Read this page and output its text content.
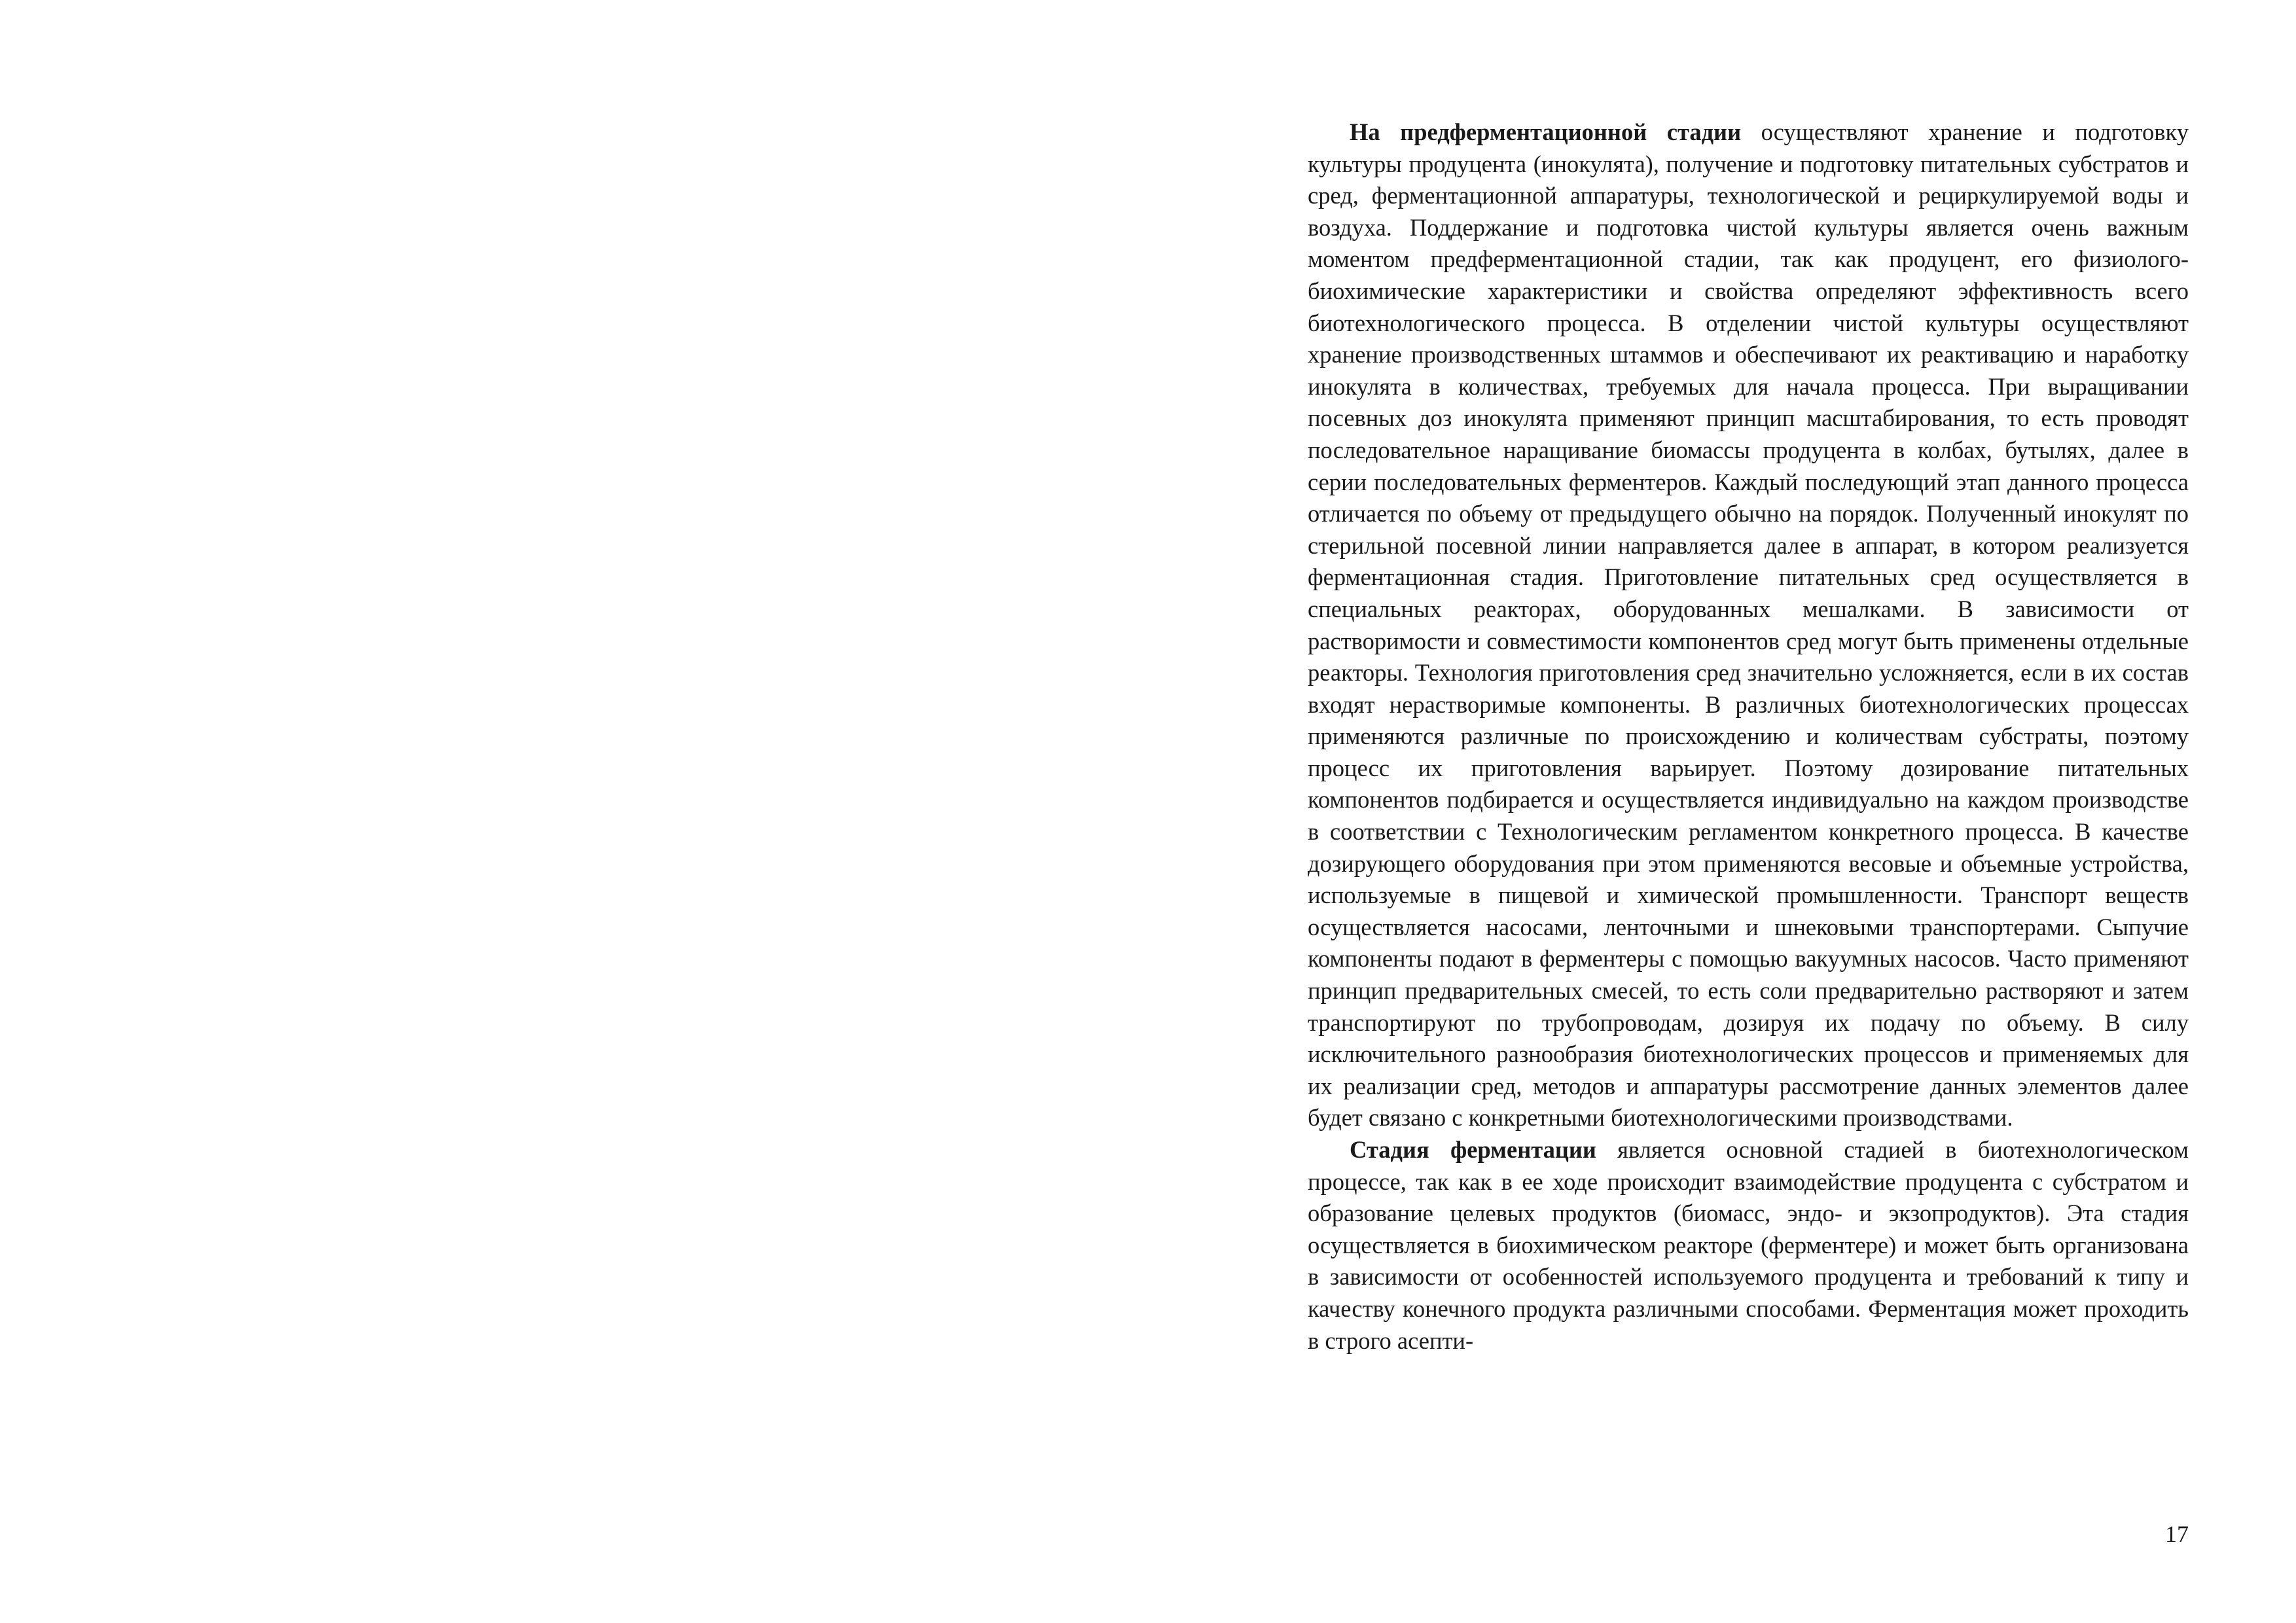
На предферментационной стадии осуществляют хранение и подготовку культуры продуцента (инокулята), получение и подготовку питательных субстратов и сред, ферментационной аппаратуры, технологической и рециркулируемой воды и воздуха. Поддержание и подготовка чистой культуры является очень важным моментом предферментационной стадии, так как продуцент, его физиолого-биохимические характеристики и свойства определяют эффективность всего биотехнологического процесса. В отделении чистой культуры осуществляют хранение производственных штаммов и обеспечивают их реактивацию и наработку инокулята в количествах, требуемых для начала процесса. При выращивании посевных доз инокулята применяют принцип масштабирования, то есть проводят последовательное наращивание биомассы продуцента в колбах, бутылях, далее в серии последовательных ферментеров. Каждый последующий этап данного процесса отличается по объему от предыдущего обычно на порядок. Полученный инокулят по стерильной посевной линии направляется далее в аппарат, в котором реализуется ферментационная стадия. Приготовление питательных сред осуществляется в специальных реакторах, оборудованных мешалками. В зависимости от растворимости и совместимости компонентов сред могут быть применены отдельные реакторы. Технология приготовления сред значительно усложняется, если в их состав входят нерастворимые компоненты. В различных биотехнологических процессах применяются различные по происхождению и количествам субстраты, поэтому процесс их приготовления варьирует. Поэтому дозирование питательных компонентов подбирается и осуществляется индивидуально на каждом производстве в соответствии с Технологическим регламентом конкретного процесса. В качестве дозирующего оборудования при этом применяются весовые и объемные устройства, используемые в пищевой и химической промышленности. Транспорт веществ осуществляется насосами, ленточными и шнековыми транспортерами. Сыпучие компоненты подают в ферментеры с помощью вакуумных насосов. Часто применяют принцип предварительных смесей, то есть соли предварительно растворяют и затем транспортируют по трубопроводам, дозируя их подачу по объему. В силу исключительного разнообразия биотехнологических процессов и применяемых для их реализации сред, методов и аппаратуры рассмотрение данных элементов далее будет связано с конкретными биотехнологическими производствами.

Стадия ферментации является основной стадией в биотехнологическом процессе, так как в ее ходе происходит взаимодействие продуцента с субстратом и образование целевых продуктов (биомасс, эндо- и экзопродуктов). Эта стадия осуществляется в биохимическом реакторе (ферментере) и может быть организована в зависимости от особенностей используемого продуцента и требований к типу и качеству конечного продукта различными способами. Ферментация может проходить в строго асепти-

17
